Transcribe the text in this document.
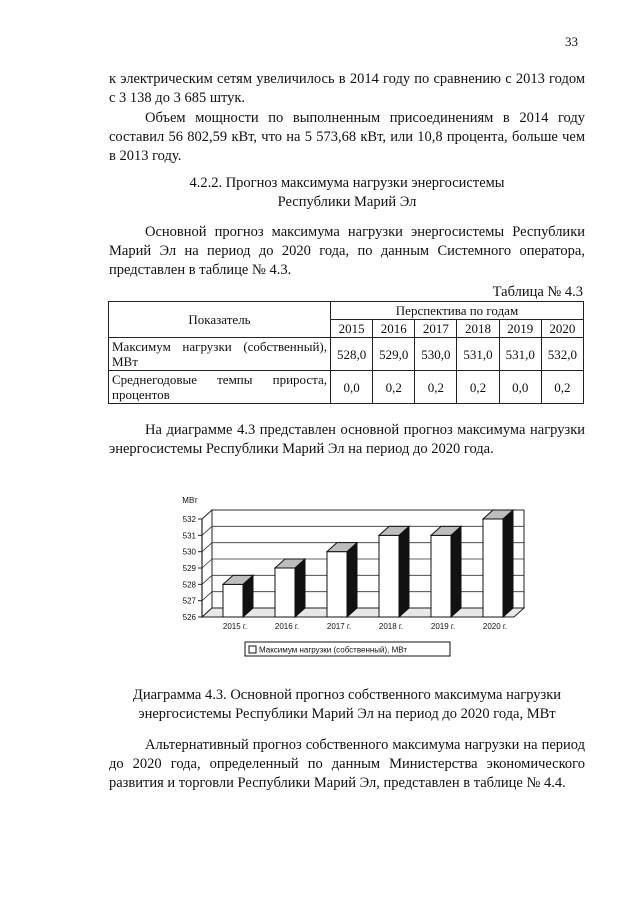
33
к электрическим сетям увеличилось в 2014 году по сравнению с 2013 годом с 3 138 до 3 685 штук.
Объем мощности по выполненным присоединениям в 2014 году составил 56 802,59 кВт, что на 5 573,68 кВт, или 10,8 процента, больше чем в 2013 году.
4.2.2. Прогноз максимума нагрузки энергосистемы
Республики Марий Эл
Основной прогноз максимума нагрузки энергосистемы Республики Марий Эл на период до 2020 года, по данным Системного оператора, представлен в таблице № 4.3.
Таблица № 4.3
Показатель	Перспектива по годам					
	2015	2016	2017	2018	2019	2020
Максимум нагрузки (собственный), МВт	528,0	529,0	530,0	531,0	531,0	532,0
Среднегодовые темпы прироста, процентов	0,0	0,2	0,2	0,2	0,0	0,2
На диаграмме 4.3 представлен основной прогноз максимума нагрузки энергосистемы Республики Марий Эл на период до 2020 года.
526
527
528
529
530
531
532
МВт
2015 г.	2016 г.	2017 г.	2018 г.	2019 г.	2020 г.
Максимум нагрузки (собственный), МВт
Диаграмма 4.3. Основной прогноз собственного максимума нагрузки
энергосистемы Республики Марий Эл на период до 2020 года, МВт
Альтернативный прогноз собственного максимума нагрузки на период до 2020 года, определенный по данным Министерства экономического развития и торговли Республики Марий Эл, представлен в таблице № 4.4.
